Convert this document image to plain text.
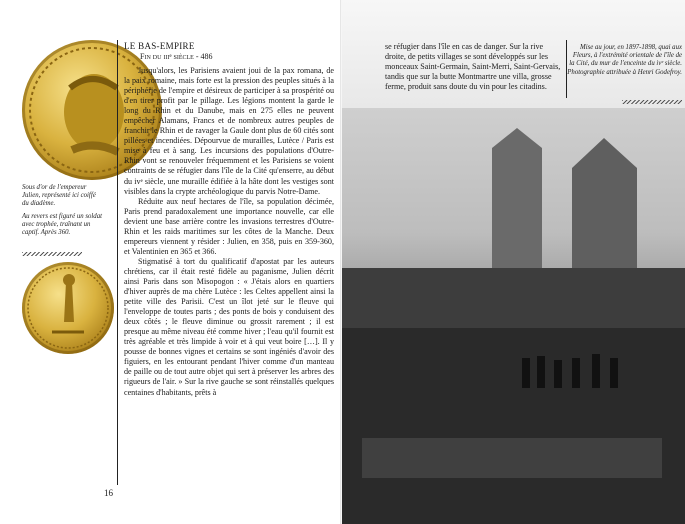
Sous d'or de l'empereur Julien, représenté ici coiffé du diadème.

Au revers est figuré un soldat avec trophée, traînant un captif. Après 360.

LE BAS-EMPIRE
Fin du iiiᵉ siècle - 486

Jusqu'alors, les Parisiens avaient joui de la pax romana, de la paix romaine, mais forte est la pression des peuples situés à la périphérie de l'empire et désireux de participer à sa prospérité ou d'en tirer profit par le pillage. Les légions montent la garde le long du Rhin et du Danube, mais en 275 elles ne peuvent empêcher Alamans, Francs et de nombreux autres peuples de franchir le Rhin et de ravager la Gaule dont plus de 60 cités sont pillées et incendiées. Dépourvue de murailles, Lutèce / Paris est mise à feu et à sang. Les incursions des populations d'Outre-Rhin vont se renouveler fréquemment et les Parisiens se voient contraints de se réfugier dans l'île de la Cité qu'enserre, au début du ivᵉ siècle, une muraille édifiée à la hâte dont les vestiges sont visibles dans la crypte archéologique du parvis Notre-Dame.

Réduite aux neuf hectares de l'île, sa population décimée, Paris prend paradoxalement une importance nouvelle, car elle devient une base arrière contre les invasions terrestres d'Outre-Rhin et les raids maritimes sur les côtes de la Manche. Deux empereurs viennent y résider : Julien, en 358, puis en 359-360, et Valentinien en 365 et 366.

Stigmatisé à tort du qualificatif d'apostat par les auteurs chrétiens, car il était resté fidèle au paganisme, Julien décrit ainsi Paris dans son Misopogon : « J'étais alors en quartiers d'hiver auprès de ma chère Lutèce : les Celtes appellent ainsi la petite ville des Parisii. C'est un îlot jeté sur le fleuve qui l'enveloppe de toutes parts ; des ponts de bois y conduisent des deux côtés ; le fleuve diminue ou grossit rarement ; il est presque au même niveau été comme hiver ; l'eau qu'il fournit est très agréable et très limpide à voir et à qui veut boire […]. Il y pousse de bonnes vignes et certains se sont ingéniés d'avoir des figuiers, en les entourant pendant l'hiver comme d'un manteau de paille ou de tout autre objet qui sert à préserver les arbres des rigueurs de l'air. » Sur la rive gauche se sont réinstallés quelques centaines d'habitants, prêts à

16

se réfugier dans l'île en cas de danger. Sur la rive droite, de petits villages se sont développés sur les monceaux Saint-Germain, Saint-Merri, Saint-Gervais, tandis que sur la butte Montmartre une villa, grosse ferme, produit sans doute du vin pour les citadins.

Mise au jour, en 1897-1898, quai aux Fleurs, à l'extrémité orientale de l'île de la Cité, du mur de l'enceinte du ivᵉ siècle. Photographie attribuée à Henri Godefroy.
